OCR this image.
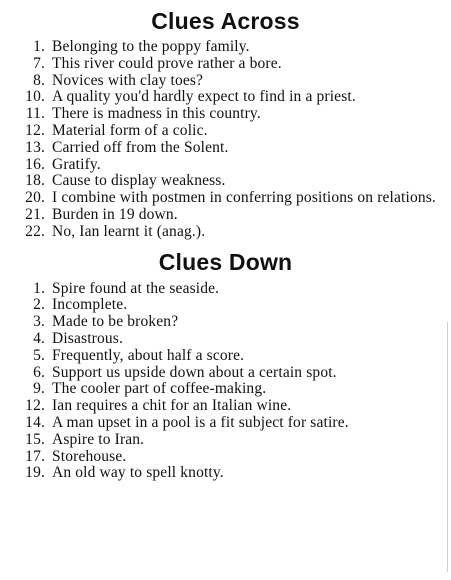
Clues Across
1. Belonging to the poppy family.
7. This river could prove rather a bore.
8. Novices with clay toes?
10. A quality you'd hardly expect to find in a priest.
11. There is madness in this country.
12. Material form of a colic.
13. Carried off from the Solent.
16. Gratify.
18. Cause to display weakness.
20. I combine with postmen in conferring positions on relations.
21. Burden in 19 down.
22. No, Ian learnt it (anag.).
Clues Down
1. Spire found at the seaside.
2. Incomplete.
3. Made to be broken?
4. Disastrous.
5. Frequently, about half a score.
6. Support us upside down about a certain spot.
9. The cooler part of coffee-making.
12. Ian requires a chit for an Italian wine.
14. A man upset in a pool is a fit subject for satire.
15. Aspire to Iran.
17. Storehouse.
19. An old way to spell knotty.
